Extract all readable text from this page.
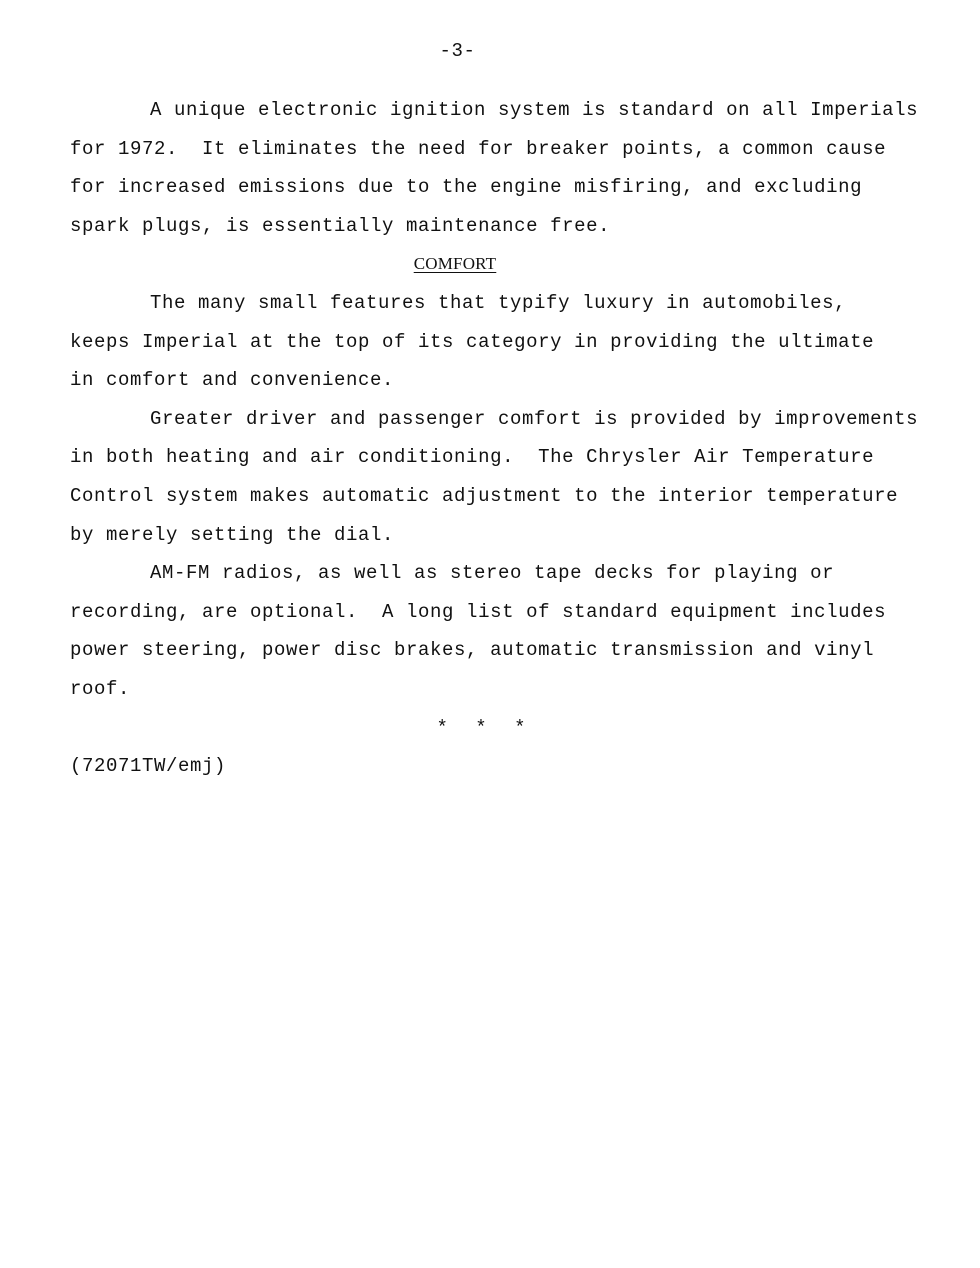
-3-
A unique electronic ignition system is standard on all Imperials
for 1972.  It eliminates the need for breaker points, a common cause
for increased emissions due to the engine misfiring, and excluding
spark plugs, is essentially maintenance free.
COMFORT
The many small features that typify luxury in automobiles,
keeps Imperial at the top of its category in providing the ultimate
in comfort and convenience.
Greater driver and passenger comfort is provided by improvements
in both heating and air conditioning.  The Chrysler Air Temperature
Control system makes automatic adjustment to the interior temperature
by merely setting the dial.
AM-FM radios, as well as stereo tape decks for playing or
recording, are optional.  A long list of standard equipment includes
power steering, power disc brakes, automatic transmission and vinyl
roof.
* * *
(72071TW/emj)
